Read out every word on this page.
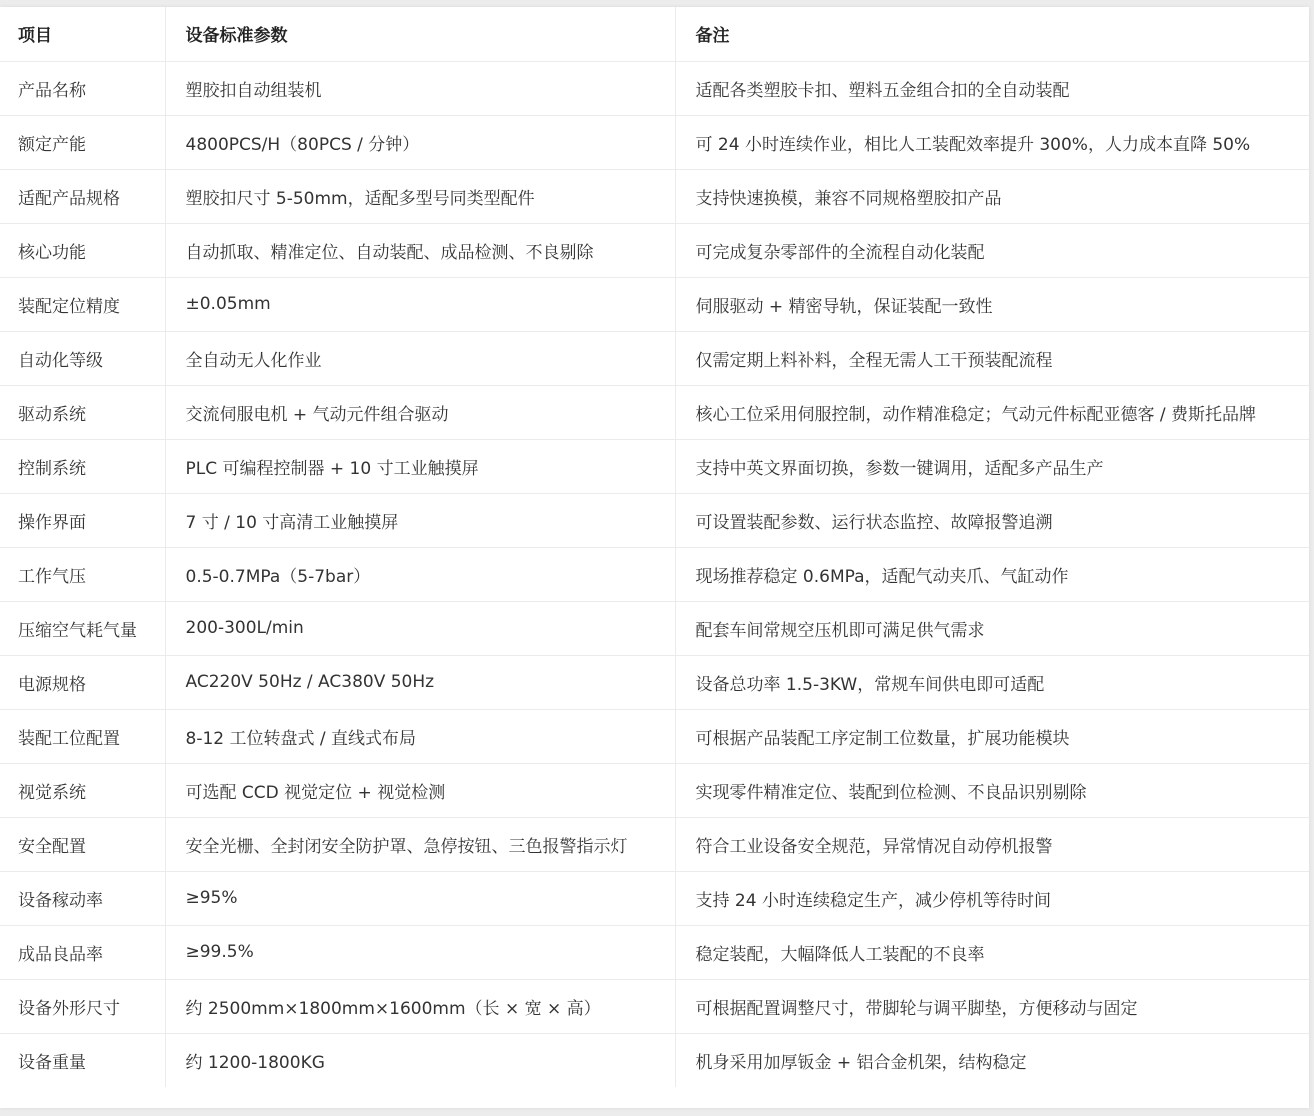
项目	设备标准参数	备注
产品名称	塑胶扣自动组装机	适配各类塑胶卡扣、塑料五金组合扣的全自动装配
额定产能	4800PCS/H（80PCS / 分钟）	可 24 小时连续作业，相比人工装配效率提升 300%，人力成本直降 50%
适配产品规格	塑胶扣尺寸 5-50mm，适配多型号同类型配件	支持快速换模，兼容不同规格塑胶扣产品
核心功能	自动抓取、精准定位、自动装配、成品检测、不良剔除	可完成复杂零部件的全流程自动化装配
装配定位精度	±0.05mm	伺服驱动 + 精密导轨，保证装配一致性
自动化等级	全自动无人化作业	仅需定期上料补料，全程无需人工干预装配流程
驱动系统	交流伺服电机 + 气动元件组合驱动	核心工位采用伺服控制，动作精准稳定；气动元件标配亚德客 / 费斯托品牌
控制系统	PLC 可编程控制器 + 10 寸工业触摸屏	支持中英文界面切换，参数一键调用，适配多产品生产
操作界面	7 寸 / 10 寸高清工业触摸屏	可设置装配参数、运行状态监控、故障报警追溯
工作气压	0.5-0.7MPa（5-7bar）	现场推荐稳定 0.6MPa，适配气动夹爪、气缸动作
压缩空气耗气量	200-300L/min	配套车间常规空压机即可满足供气需求
电源规格	AC220V 50Hz / AC380V 50Hz	设备总功率 1.5-3KW，常规车间供电即可适配
装配工位配置	8-12 工位转盘式 / 直线式布局	可根据产品装配工序定制工位数量，扩展功能模块
视觉系统	可选配 CCD 视觉定位 + 视觉检测	实现零件精准定位、装配到位检测、不良品识别剔除
安全配置	安全光栅、全封闭安全防护罩、急停按钮、三色报警指示灯	符合工业设备安全规范，异常情况自动停机报警
设备稼动率	≥95%	支持 24 小时连续稳定生产，减少停机等待时间
成品良品率	≥99.5%	稳定装配，大幅降低人工装配的不良率
设备外形尺寸	约 2500mm×1800mm×1600mm（长 × 宽 × 高）	可根据配置调整尺寸，带脚轮与调平脚垫，方便移动与固定
设备重量	约 1200-1800KG	机身采用加厚钣金 + 铝合金机架，结构稳定
